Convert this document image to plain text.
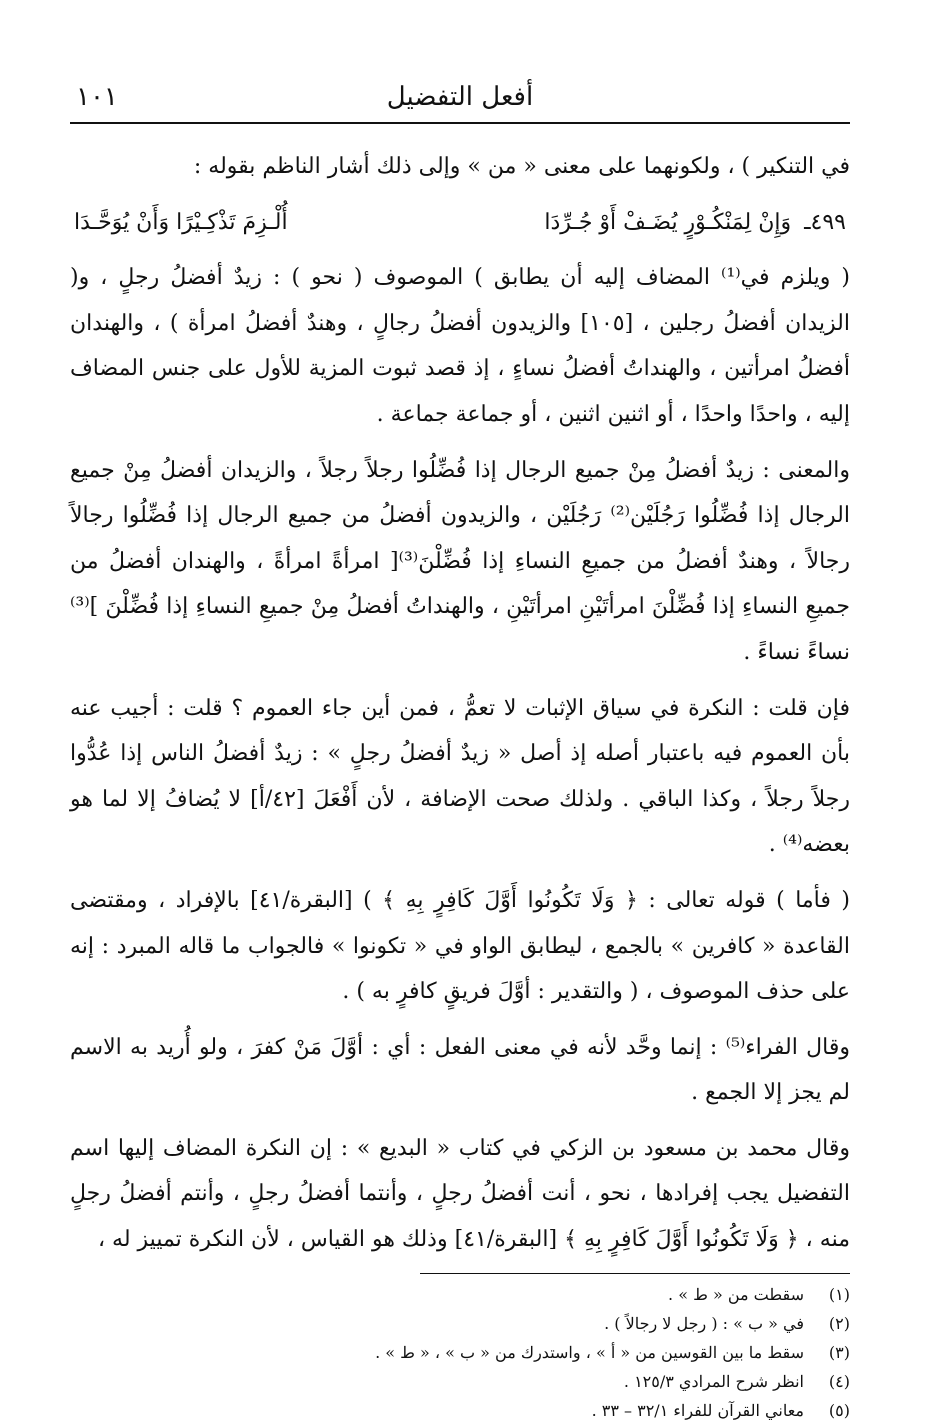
أفعل التفضيل
١٠١

في التنكير ) ، ولكونهما على معنى « من » وإلى ذلك أشار الناظم بقوله :

٤٩٩ـ وَإِنْ لِمَنْكُـوْرٍ يُضَـفْ أَوْ جُـرِّدَا
أُلْـزِمَ تَذْكِـيْرًا وَأَنْ يُوَحَّـدَا

( ويلزم في⁽¹⁾ المضاف إليه أن يطابق ) الموصوف ( نحو ) : زيدٌ أفضلُ رجلٍ ، و( الزيدان أفضلُ رجلين ، [١٠٥] والزيدون أفضلُ رجالٍ ، وهندٌ أفضلُ امرأة ) ، والهندان أفضلُ امرأتين ، والهنداتُ أفضلُ نساءٍ ، إذ قصد ثبوت المزية للأول على جنس المضاف إليه ، واحدًا واحدًا ، أو اثنين اثنين ، أو جماعة جماعة .

والمعنى : زيدٌ أفضلُ مِنْ جميع الرجال إذا فُضِّلُوا رجلاً رجلاً ، والزيدان أفضلُ مِنْ جميع الرجال إذا فُضِّلُوا رَجُلَيْن⁽²⁾ رَجُلَيْن ، والزيدون أفضلُ من جميع الرجال إذا فُضِّلُوا رجالاً رجالاً ، وهندٌ أفضلُ من جميعِ النساءِ إذا فُضِّلْنَ⁽³⁾[ امرأةً امرأةً ، والهندان أفضلُ من جميعِ النساءِ إذا فُضِّلْنَ امرأتَيْنِ امرأتَيْنِ ، والهنداتُ أفضلُ مِنْ جميعِ النساءِ إذا فُضِّلْنَ ]⁽³⁾ نساءً نساءً .

فإن قلت : النكرة في سياق الإثبات لا تعمُّ ، فمن أين جاء العموم ؟ قلت : أجيب عنه بأن العموم فيه باعتبار أصله إذ أصل « زيدٌ أفضلُ رجلٍ » : زيدٌ أفضلُ الناس إذا عُدُّوا رجلاً رجلاً ، وكذا الباقي . ولذلك صحت الإضافة ، لأن أَفْعَلَ [٤٢/أ] لا يُضافُ إلا لما هو بعضه⁽⁴⁾ .

( فأما ) قوله تعالى : ﴿ وَلَا تَكُونُوا أَوَّلَ كَافِرٍ بِهِ ﴾ ) [البقرة/٤١] بالإفراد ، ومقتضى القاعدة « كافرين » بالجمع ، ليطابق الواو في « تكونوا » فالجواب ما قاله المبرد : إنه على حذف الموصوف ، ( والتقدير : أوَّلَ فريقٍ كافرٍ به ) .

وقال الفراء⁽⁵⁾ : إنما وحَّد لأنه في معنى الفعل : أي : أوَّلَ مَنْ كفرَ ، ولو أُريد به الاسم لم يجز إلا الجمع .

وقال محمد بن مسعود بن الزكي في كتاب « البديع » : إن النكرة المضاف إليها اسم التفضيل يجب إفرادها ، نحو ، أنت أفضلُ رجلٍ ، وأنتما أفضلُ رجلٍ ، وأنتم أفضلُ رجلٍ منه ، ﴿ وَلَا تَكُونُوا أَوَّلَ كَافِرٍ بِهِ ﴾ [البقرة/٤١] وذلك هو القياس ، لأن النكرة تمييز له ،

(١)
سقطت من « ط » .
(٢)
في « ب » : ( رجل لا رجالاً ) .
(٣)
سقط ما بين القوسين من « أ » ، واستدرك من « ب » ، « ط » .
(٤)
انظر شرح المرادي ١٢٥/٣ .
(٥)
معاني القرآن للفراء ٣٢/١ – ٣٣ .
